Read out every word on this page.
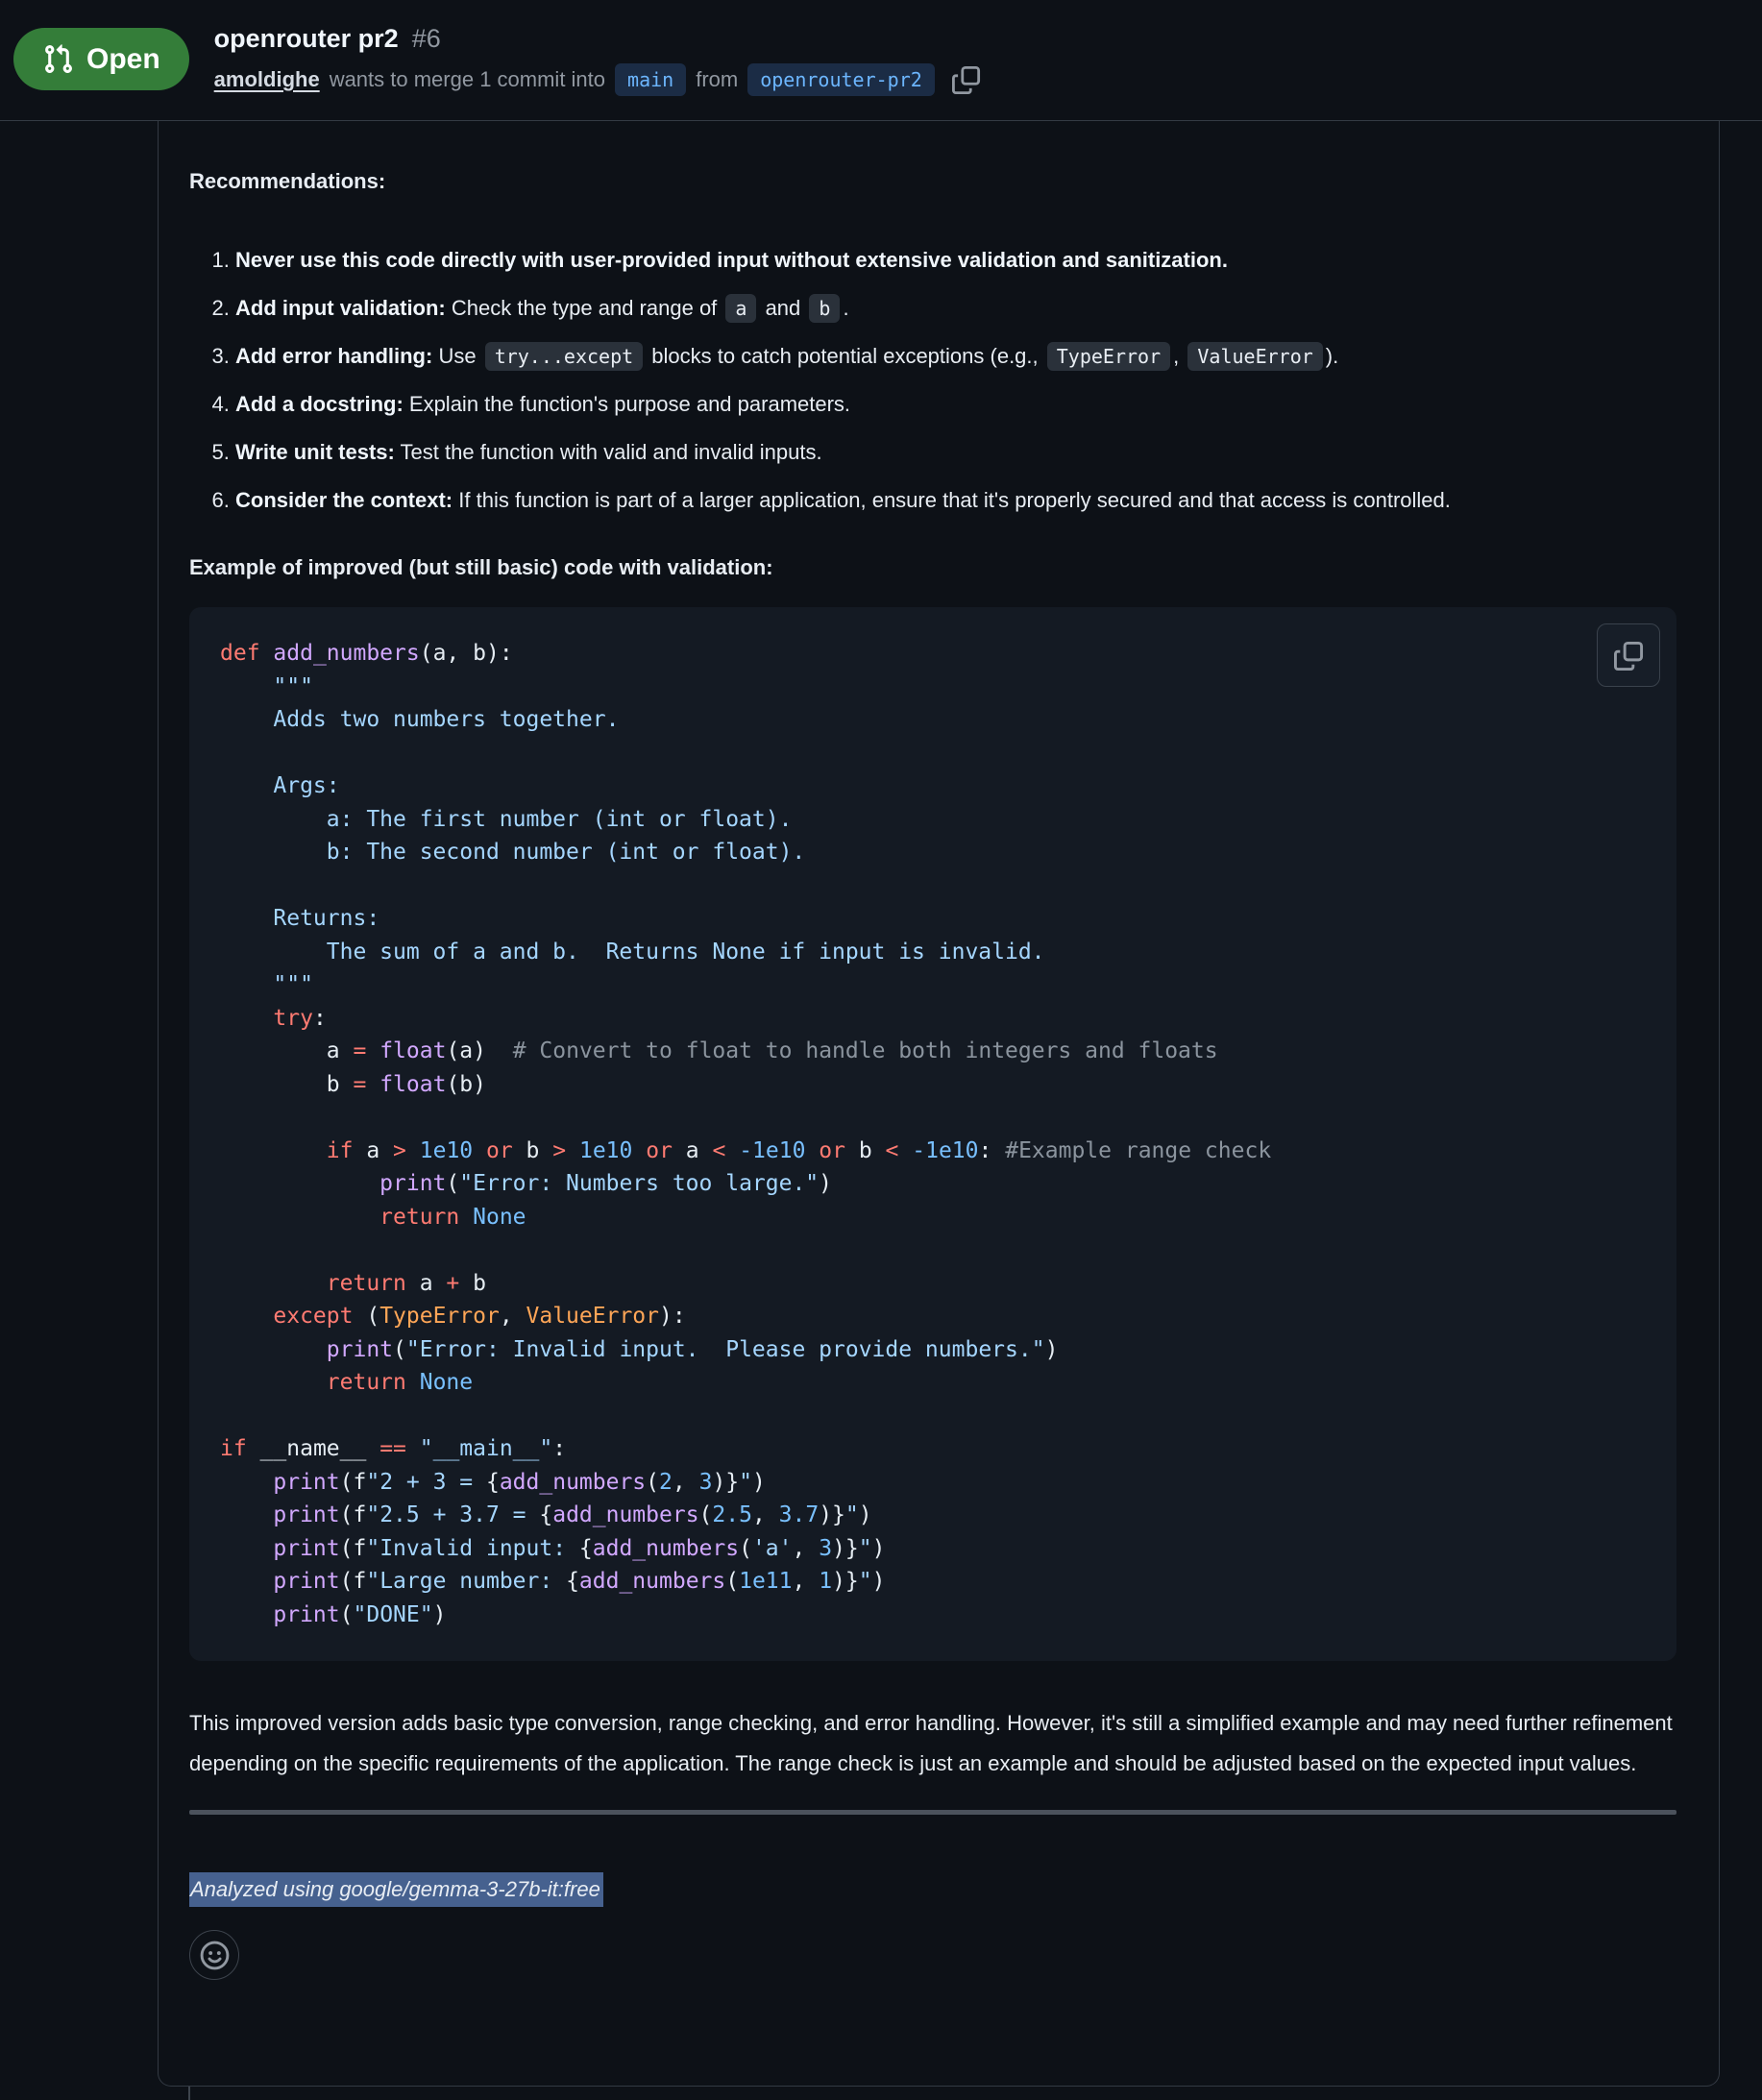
Open
openrouter pr2 #6
amoldighe wants to merge 1 commit into	main	from	openrouter-pr2

Recommendations:

1. Never use this code directly with user-provided input without extensive validation and sanitization.
2. Add input validation: Check the type and range of a and b .
3. Add error handling: Use try...except blocks to catch potential exceptions (e.g., TypeError , ValueError ).
4. Add a docstring: Explain the function's purpose and parameters.
5. Write unit tests: Test the function with valid and invalid inputs.
6. Consider the context: If this function is part of a larger application, ensure that it's properly secured and that access is controlled.

Example of improved (but still basic) code with validation:

def add_numbers(a, b):
"""
Adds two numbers together.

Args:
a: The first number (int or float).
b: The second number (int or float).

Returns:
The sum of a and b.  Returns None if input is invalid.
"""
try:
a = float(a)  # Convert to float to handle both integers and floats
b = float(b)

if a > 1e10 or b > 1e10 or a < -1e10 or b < -1e10: #Example range check
print("Error: Numbers too large.")
return None

return a + b
except (TypeError, ValueError):
print("Error: Invalid input.  Please provide numbers.")
return None

if __name__ == "__main__":
print(f"2 + 3 = {add_numbers(2, 3)}")
print(f"2.5 + 3.7 = {add_numbers(2.5, 3.7)}")
print(f"Invalid input: {add_numbers('a', 3)}")
print(f"Large number: {add_numbers(1e11, 1)}")
print("DONE")

This improved version adds basic type conversion, range checking, and error handling. However, it's still a simplified example and may need further refinement depending on the specific requirements of the application. The range check is just an example and should be adjusted based on the expected input values.

Analyzed using google/gemma-3-27b-it:free
